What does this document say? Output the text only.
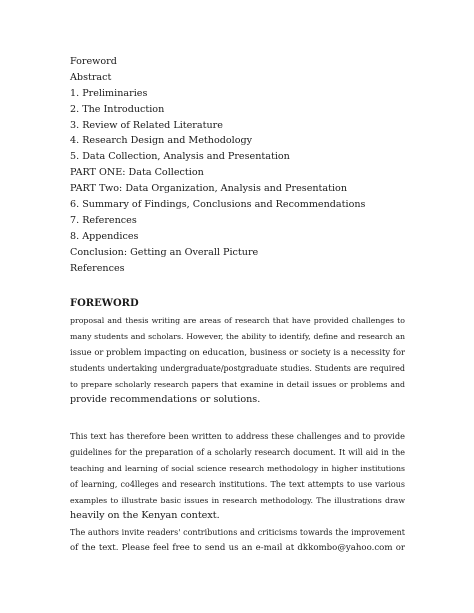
Foreword
Abstract
1. Preliminaries
2. The Introduction
3. Review of Related Literature
4. Research Design and Methodology
5. Data Collection, Analysis and Presentation
PART ONE: Data Collection
PART Two: Data Organization, Analysis and Presentation
6. Summary of Findings, Conclusions and Recommendations
7. References
8. Appendices
Conclusion: Getting an Overall Picture
References
FOREWORD
proposal and thesis writing are areas of research that have provided challenges to
many students and scholars. However, the ability to identify, define and research an
issue or problem impacting on education, business or society is a necessity for
students undertaking undergraduate/postgraduate studies. Students are required
to prepare scholarly research papers that examine in detail issues or problems and
provide recommendations or solutions.
This text has therefore been written to address these challenges and to provide
guidelines for the preparation of a scholarly research document. It will aid in the
teaching and learning of social science research methodology in higher institutions
of learning, co4lleges and research institutions. The text attempts to use various
examples to illustrate basic issues in research methodology. The illustrations draw
heavily on the Kenyan context.
The authors invite readers' contributions and criticisms towards the improvement
of the text. Please feel free to send us an e-mail at dkkombo@yahoo.com or
